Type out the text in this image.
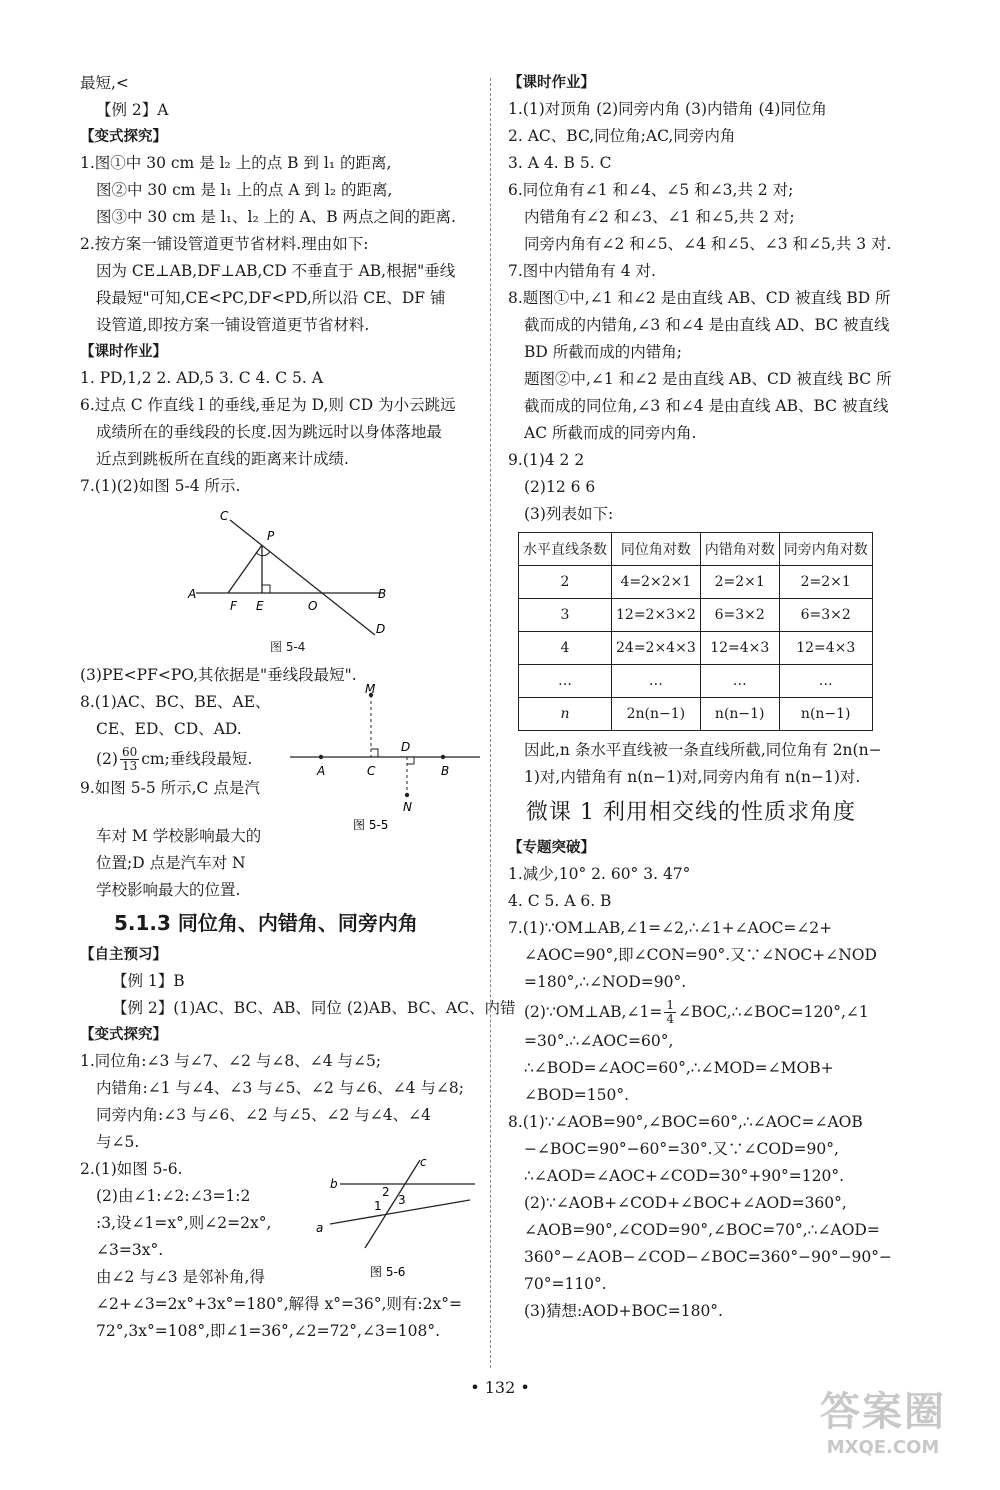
最短,<
【例 2】A
【变式探究】
1.图①中 30 cm 是 l₂ 上的点 B 到 l₁ 的距离,
图②中 30 cm 是 l₁ 上的点 A 到 l₂ 的距离,
图③中 30 cm 是 l₁、l₂ 上的 A、B 两点之间的距离.
2.按方案一铺设管道更节省材料.理由如下:
因为 CE⊥AB,DF⊥AB,CD 不垂直于 AB,根据"垂线
段最短"可知,CE<PC,DF<PD,所以沿 CE、DF 铺
设管道,即按方案一铺设管道更节省材料.
【课时作业】
1. PD,1,2 2. AD,5 3. C 4. C 5. A
6.过点 C 作直线 l 的垂线,垂足为 D,则 CD 为小云跳远
成绩所在的垂线段的长度.因为跳远时以身体落地最
近点到跳板所在直线的距离来计成绩.
7.(1)(2)如图 5-4 所示.
C
P
A
F E	O
B
D
图 5-4
(3)PE<PF<PO,其依据是"垂线段最短".
8.(1)AC、BC、BE、AE、
CE、ED、CD、AD.
$(2) \frac{60}{13}$ cm;垂线段最短.
M
A	C
D
B
N
图 5-5
9.如图 5-5 所示,C 点是汽
车对 M 学校影响最大的
位置;D 点是汽车对 N
学校影响最大的位置.
5.1.3 同位角、内错角、同旁内角
【自主预习】
【例 1】B
【例 2】(1)AC、BC、AB、同位 (2)AB、BC、AC、内错
【变式探究】
1.同位角:∠3 与∠7、∠2 与∠8、∠4 与∠5;
内错角:∠1 与∠4、∠3 与∠5、∠2 与∠6、∠4 与∠8;
同旁内角:∠3 与∠6、∠2 与∠5、∠2 与∠4、∠4
与∠5.
2.(1)如图 5-6.
(2)由∠1:∠2:∠3=1:2
:3,设∠1=x°,则∠2=2x°,
∠3=3x°.
由∠2 与∠3 是邻补角,得
c
b
2
1 3
a
图 5-6
∠2+∠3=2x°+3x°=180°,解得 x°=36°,则有:2x°=
72°,3x°=108°,即∠1=36°,∠2=72°,∠3=108°.
【课时作业】
1.(1)对顶角 (2)同旁内角 (3)内错角 (4)同位角
2. AC、BC,同位角;AC,同旁内角
3. A 4. B 5. C
6.同位角有∠1 和∠4、∠5 和∠3,共 2 对;
内错角有∠2 和∠3、∠1 和∠5,共 2 对;
同旁内角有∠2 和∠5、∠4 和∠5、∠3 和∠5,共 3 对.
7.图中内错角有 4 对.
8.题图①中,∠1 和∠2 是由直线 AB、CD 被直线 BD 所
截而成的内错角,∠3 和∠4 是由直线 AD、BC 被直线
BD 所截而成的内错角;
题图②中,∠1 和∠2 是由直线 AB、CD 被直线 BC 所
截而成的同位角,∠3 和∠4 是由直线 AB、BC 被直线
AC 所截而成的同旁内角.
9.(1)4 2 2
(2)12 6 6
(3)列表如下:
水平直线条数	同位角对数	内错角对数	同旁内角对数
2	4=2×2×1	2=2×1	2=2×1
3	12=2×3×2	6=3×2	6=3×2
4	24=2×4×3	12=4×3	12=4×3
…	…	…	…
n	2n(n−1)	n(n−1)	n(n−1)
因此,n 条水平直线被一条直线所截,同位角有 2n(n−
1)对,内错角有 n(n−1)对,同旁内角有 n(n−1)对.
微课 1 利用相交线的性质求角度
【专题突破】
1.减少,10° 2. 60° 3. 47°
4. C 5. A 6. B
7.(1)∵OM⊥AB,∠1=∠2,∴∠1+∠AOC=∠2+
∠AOC=90°,即∠CON=90°.又∵∠NOC+∠NOD
=180°,∴∠NOD=90°.
(2)∵OM⊥AB,∠1= $\frac{1}{4}$ ∠BOC,∴∠BOC=120°,∠1
=30°.∴∠AOC=60°,
∴∠BOD=∠AOC=60°,∴∠MOD=∠MOB+
∠BOD=150°.
8.(1)∵∠AOB=90°,∠BOC=60°,∴∠AOC=∠AOB
−∠BOC=90°−60°=30°.又∵∠COD=90°,
∴∠AOD=∠AOC+∠COD=30°+90°=120°.
(2)∵∠AOB+∠COD+∠BOC+∠AOD=360°,
∠AOB=90°,∠COD=90°,∠BOC=70°,∴∠AOD=
360°−∠AOB−∠COD−∠BOC=360°−90°−90°−
70°=110°.
(3)猜想:AOD+BOC=180°.
• 132 •
答案圈
MXQE.COM
